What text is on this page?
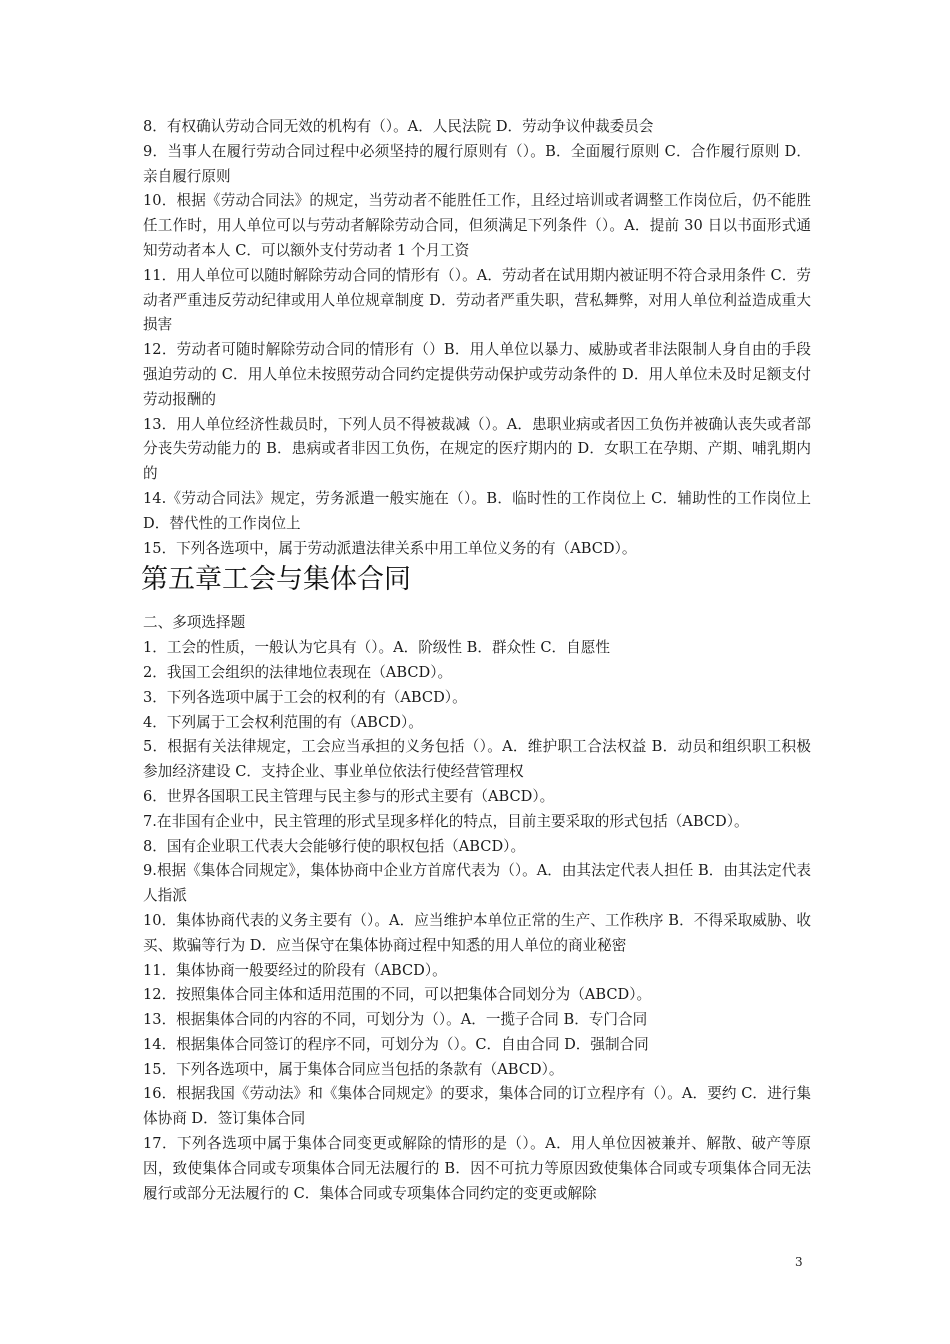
8．有权确认劳动合同无效的机构有（）。A．人民法院 D．劳动争议仲裁委员会

9．当事人在履行劳动合同过程中必须坚持的履行原则有（）。B．全面履行原则 C．合作履行原则 D．亲自履行原则

10．根据《劳动合同法》的规定，当劳动者不能胜任工作，且经过培训或者调整工作岗位后，仍不能胜任工作时，用人单位可以与劳动者解除劳动合同，但须满足下列条件（）。A．提前 30 日以书面形式通知劳动者本人 C．可以额外支付劳动者 1 个月工资

11．用人单位可以随时解除劳动合同的情形有（）。A．劳动者在试用期内被证明不符合录用条件 C．劳动者严重违反劳动纪律或用人单位规章制度 D．劳动者严重失职，营私舞弊，对用人单位利益造成重大损害

12．劳动者可随时解除劳动合同的情形有（）B．用人单位以暴力、威胁或者非法限制人身自由的手段强迫劳动的 C．用人单位未按照劳动合同约定提供劳动保护或劳动条件的 D．用人单位未及时足额支付劳动报酬的

13．用人单位经济性裁员时，下列人员不得被裁减（）。A．患职业病或者因工负伤并被确认丧失或者部分丧失劳动能力的 B．患病或者非因工负伤，在规定的医疗期内的 D．女职工在孕期、产期、哺乳期内的

14.《劳动合同法》规定，劳务派遣一般实施在（）。B．临时性的工作岗位上 C．辅助性的工作岗位上 D．替代性的工作岗位上

15．下列各选项中，属于劳动派遣法律关系中用工单位义务的有（ABCD）。

第五章工会与集体合同

二、多项选择题

1．工会的性质，一般认为它具有（）。A．阶级性 B．群众性 C．自愿性

2．我国工会组织的法律地位表现在（ABCD）。

3．下列各选项中属于工会的权利的有（ABCD）。

4．下列属于工会权利范围的有（ABCD）。

5．根据有关法律规定，工会应当承担的义务包括（）。A．维护职工合法权益 B．动员和组织职工积极参加经济建设 C．支持企业、事业单位依法行使经营管理权

6．世界各国职工民主管理与民主参与的形式主要有（ABCD）。

7.在非国有企业中，民主管理的形式呈现多样化的特点，目前主要采取的形式包括（ABCD）。

8．国有企业职工代表大会能够行使的职权包括（ABCD）。

9.根据《集体合同规定》，集体协商中企业方首席代表为（）。A．由其法定代表人担任 B．由其法定代表人指派

10．集体协商代表的义务主要有（）。A．应当维护本单位正常的生产、工作秩序 B．不得采取威胁、收买、欺骗等行为 D．应当保守在集体协商过程中知悉的用人单位的商业秘密

11．集体协商一般要经过的阶段有（ABCD）。

12．按照集体合同主体和适用范围的不同，可以把集体合同划分为（ABCD）。

13．根据集体合同的内容的不同，可划分为（）。A．一揽子合同 B．专门合同

14．根据集体合同签订的程序不同，可划分为（）。C．自由合同 D．强制合同

15．下列各选项中，属于集体合同应当包括的条款有（ABCD）。

16．根据我国《劳动法》和《集体合同规定》的要求，集体合同的订立程序有（）。A．要约 C．进行集体协商 D．签订集体合同

17．下列各选项中属于集体合同变更或解除的情形的是（）。A．用人单位因被兼并、解散、破产等原因，致使集体合同或专项集体合同无法履行的 B．因不可抗力等原因致使集体合同或专项集体合同无法履行或部分无法履行的 C．集体合同或专项集体合同约定的变更或解除

3
